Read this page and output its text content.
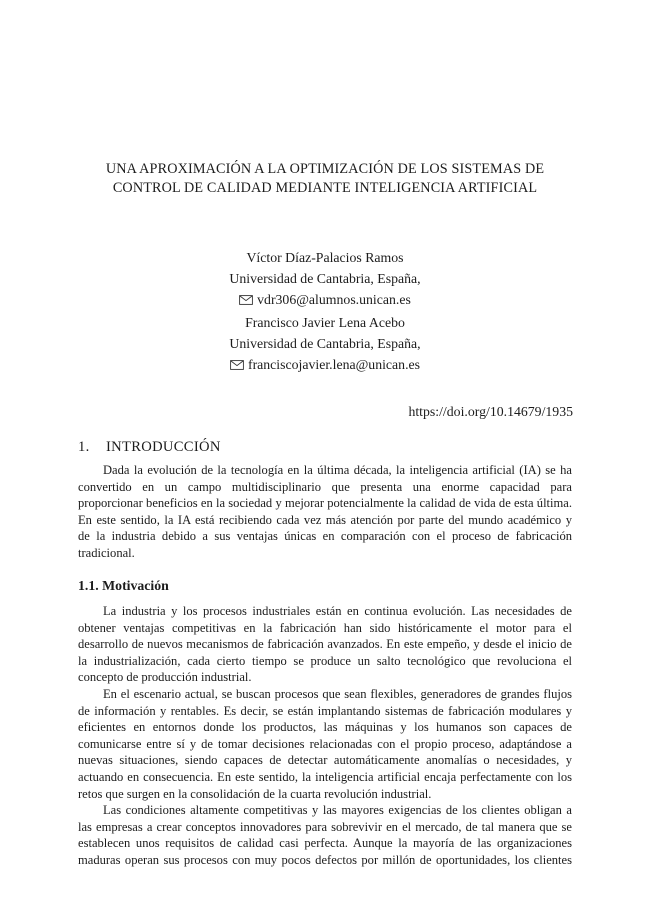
UNA APROXIMACIÓN A LA OPTIMIZACIÓN DE LOS SISTEMAS DE
CONTROL DE CALIDAD MEDIANTE INTELIGENCIA ARTIFICIAL
Víctor Díaz-Palacios Ramos
Universidad de Cantabria, España,
vdr306@alumnos.unican.es
Francisco Javier Lena Acebo
Universidad de Cantabria, España,
franciscojavier.lena@unican.es
https://doi.org/10.14679/1935
1. INTRODUCCIÓN
Dada la evolución de la tecnología en la última década, la inteligencia artificial (IA) se ha
convertido en un campo multidisciplinario que presenta una enorme capacidad para
proporcionar beneficios en la sociedad y mejorar potencialmente la calidad de vida de esta última.
En este sentido, la IA está recibiendo cada vez más atención por parte del mundo académico y
de la industria debido a sus ventajas únicas en comparación con el proceso de fabricación
tradicional.
1.1. Motivación
La industria y los procesos industriales están en continua evolución. Las necesidades de
obtener ventajas competitivas en la fabricación han sido históricamente el motor para el
desarrollo de nuevos mecanismos de fabricación avanzados. En este empeño, y desde el inicio de
la industrialización, cada cierto tiempo se produce un salto tecnológico que revoluciona el
concepto de producción industrial.
En el escenario actual, se buscan procesos que sean flexibles, generadores de grandes flujos
de información y rentables. Es decir, se están implantando sistemas de fabricación modulares y
eficientes en entornos donde los productos, las máquinas y los humanos son capaces de
comunicarse entre sí y de tomar decisiones relacionadas con el propio proceso, adaptándose a
nuevas situaciones, siendo capaces de detectar automáticamente anomalías o necesidades, y
actuando en consecuencia. En este sentido, la inteligencia artificial encaja perfectamente con los
retos que surgen en la consolidación de la cuarta revolución industrial.
Las condiciones altamente competitivas y las mayores exigencias de los clientes obligan a
las empresas a crear conceptos innovadores para sobrevivir en el mercado, de tal manera que se
establecen unos requisitos de calidad casi perfecta. Aunque la mayoría de las organizaciones
maduras operan sus procesos con muy pocos defectos por millón de oportunidades, los clientes
